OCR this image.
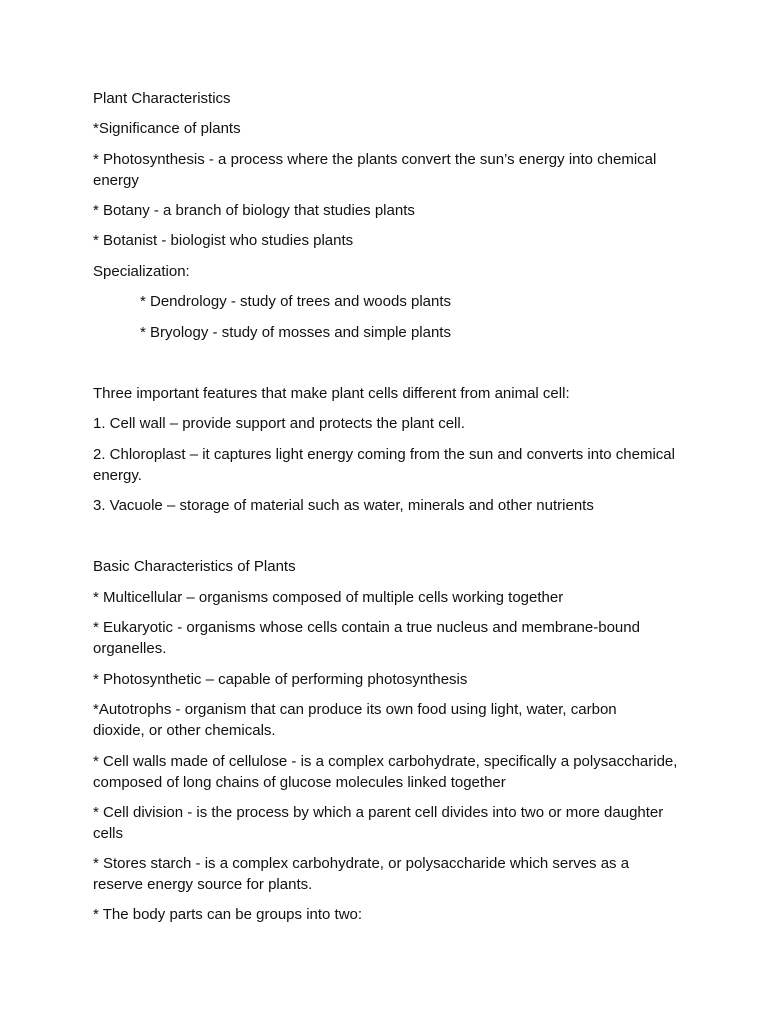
Plant Characteristics

*Significance of plants

* Photosynthesis - a process where the plants convert the sun’s energy into chemical energy

* Botany - a branch of biology that studies plants

* Botanist - biologist who studies plants

Specialization:

* Dendrology - study of trees and woods plants

* Bryology - study of mosses and simple plants

Three important features that make plant cells different from animal cell:

1. Cell wall – provide support and protects the plant cell.

2. Chloroplast – it captures light energy coming from the sun and converts into chemical energy.

3. Vacuole – storage of material such as water, minerals and other nutrients

Basic Characteristics of Plants

* Multicellular – organisms composed of multiple cells working together

* Eukaryotic - organisms whose cells contain a true nucleus and membrane-bound organelles.

* Photosynthetic – capable of performing photosynthesis

*Autotrophs - organism that can produce its own food using light, water, carbon dioxide, or other chemicals.

* Cell walls made of cellulose - is a complex carbohydrate, specifically a polysaccharide, composed of long chains of glucose molecules linked together

* Cell division - is the process by which a parent cell divides into two or more daughter cells

* Stores starch - is a complex carbohydrate, or polysaccharide which serves as a reserve energy source for plants.

* The body parts can be groups into two:
